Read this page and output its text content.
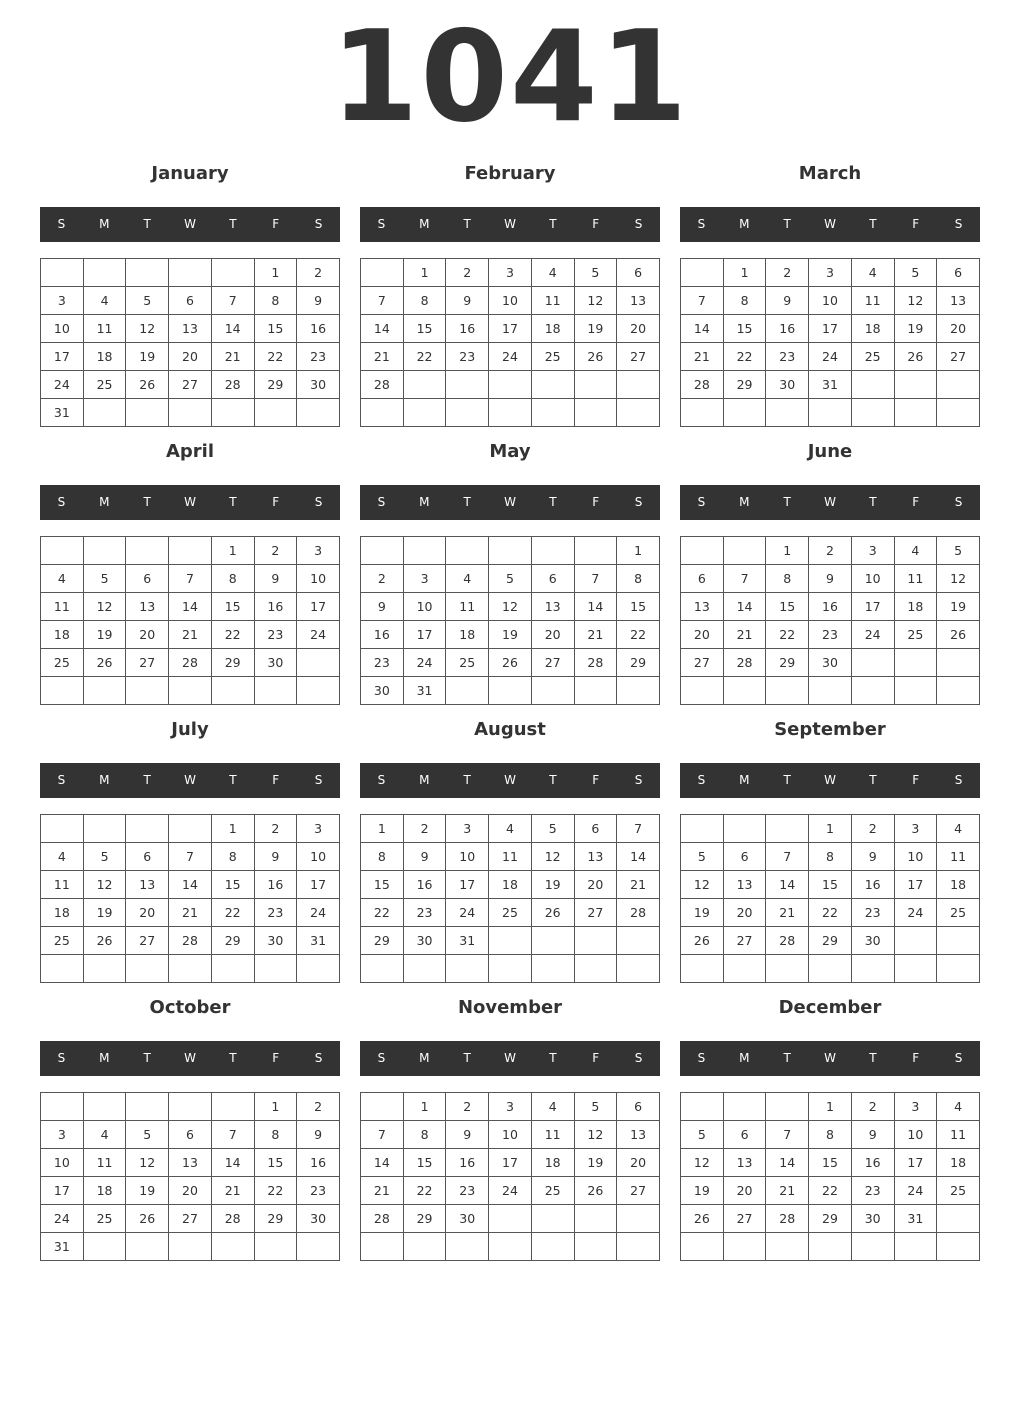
1041
January
S	M	T	W	T	F	S
					1	2
3	4	5	6	7	8	9
10	11	12	13	14	15	16
17	18	19	20	21	22	23
24	25	26	27	28	29	30
31						
February
S	M	T	W	T	F	S
	1	2	3	4	5	6
7	8	9	10	11	12	13
14	15	16	17	18	19	20
21	22	23	24	25	26	27
28						

March
S	M	T	W	T	F	S
	1	2	3	4	5	6
7	8	9	10	11	12	13
14	15	16	17	18	19	20
21	22	23	24	25	26	27
28	29	30	31			

April
S	M	T	W	T	F	S
				1	2	3
4	5	6	7	8	9	10
11	12	13	14	15	16	17
18	19	20	21	22	23	24
25	26	27	28	29	30	

May
S	M	T	W	T	F	S
						1
2	3	4	5	6	7	8
9	10	11	12	13	14	15
16	17	18	19	20	21	22
23	24	25	26	27	28	29
30	31					
June
S	M	T	W	T	F	S
		1	2	3	4	5
6	7	8	9	10	11	12
13	14	15	16	17	18	19
20	21	22	23	24	25	26
27	28	29	30			

July
S	M	T	W	T	F	S
				1	2	3
4	5	6	7	8	9	10
11	12	13	14	15	16	17
18	19	20	21	22	23	24
25	26	27	28	29	30	31

August
S	M	T	W	T	F	S
1	2	3	4	5	6	7
8	9	10	11	12	13	14
15	16	17	18	19	20	21
22	23	24	25	26	27	28
29	30	31				

September
S	M	T	W	T	F	S
			1	2	3	4
5	6	7	8	9	10	11
12	13	14	15	16	17	18
19	20	21	22	23	24	25
26	27	28	29	30		

October
S	M	T	W	T	F	S
					1	2
3	4	5	6	7	8	9
10	11	12	13	14	15	16
17	18	19	20	21	22	23
24	25	26	27	28	29	30
31						
November
S	M	T	W	T	F	S
	1	2	3	4	5	6
7	8	9	10	11	12	13
14	15	16	17	18	19	20
21	22	23	24	25	26	27
28	29	30				

December
S	M	T	W	T	F	S
			1	2	3	4
5	6	7	8	9	10	11
12	13	14	15	16	17	18
19	20	21	22	23	24	25
26	27	28	29	30	31	
